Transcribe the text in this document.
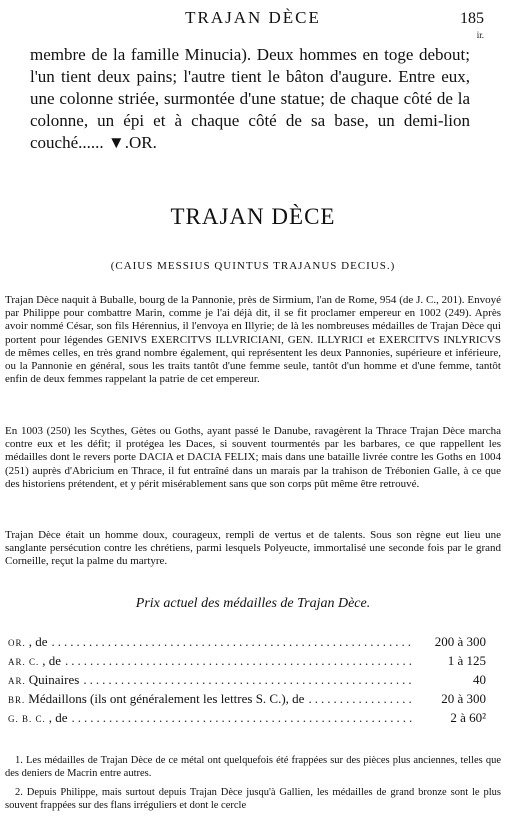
TRAJAN DÈCE	185
ir.
membre de la famille Minucia). Deux hommes en toge debout; l'un tient deux pains; l'autre tient le bâton d'augure. Entre eux, une colonne striée, surmontée d'une statue; de chaque côté de la colonne, un épi et à chaque côté de sa base, un demi-lion couché...... ▼.OR.
TRAJAN DÈCE
(CAIUS MESSIUS QUINTUS TRAJANUS DECIUS.)

Trajan Dèce naquit à Buballe, bourg de la Pannonie, près de Sirmium, l'an de Rome, 954 (de J. C., 201). Envoyé par Philippe pour combattre Marin, comme je l'ai déjà dit, il se fit proclamer empereur en 1002 (249). Après avoir nommé César, son fils Hérennius, il l'envoya en Illyrie; de là les nombreuses médailles de Trajan Dèce qui portent pour légendes GENIVS EXERCITVS ILLVRICIANI, GEN. ILLYRICI et EXERCITVS INLYRICVS de mêmes celles, en très grand nombre également, qui représentent les deux Pannonies, supérieure et inférieure, ou la Pannonie en général, sous les traits tantôt d'une femme seule, tantôt d'un homme et d'une femme, tantôt enfin de deux femmes rappelant la patrie de cet empereur.

En 1003 (250) les Scythes, Gètes ou Goths, ayant passé le Danube, ravagèrent la Thrace Trajan Dèce marcha contre eux et les défit; il protégea les Daces, si souvent tourmentés par les barbares, ce que rappellent les médailles dont le revers porte DACIA et DACIA FELIX; mais dans une bataille livrée contre les Goths en 1004 (251) auprès d'Abricium en Thrace, il fut entraîné dans un marais par la trahison de Trébonien Galle, à ce que des historiens prétendent, et y périt misérablement sans que son corps pût même être retrouvé.

Trajan Dèce était un homme doux, courageux, rempli de vertus et de talents. Sous son règne eut lieu une sanglante persécution contre les chrétiens, parmi lesquels Polyeucte, immortalisé une seconde fois par le grand Corneille, reçut la palme du martyre.

Prix actuel des médailles de Trajan Dèce.
OR. , de .....	200 à 300
AR. C. , de .....	1 à 125
AR. Quinaires .....	40
BR. Médaillons (ils ont généralement les lettres S. C.), de .....	20 à 300
G. B. C. , de .....	2 à 60²

1. Les médailles de Trajan Dèce de ce métal ont quelquefois été frappées sur des pièces plus anciennes, telles que des deniers de Macrin entre autres.

2. Depuis Philippe, mais surtout depuis Trajan Dèce jusqu'à Gallien, les médailles de grand bronze sont le plus souvent frappées sur des flans irréguliers et dont le cercle
